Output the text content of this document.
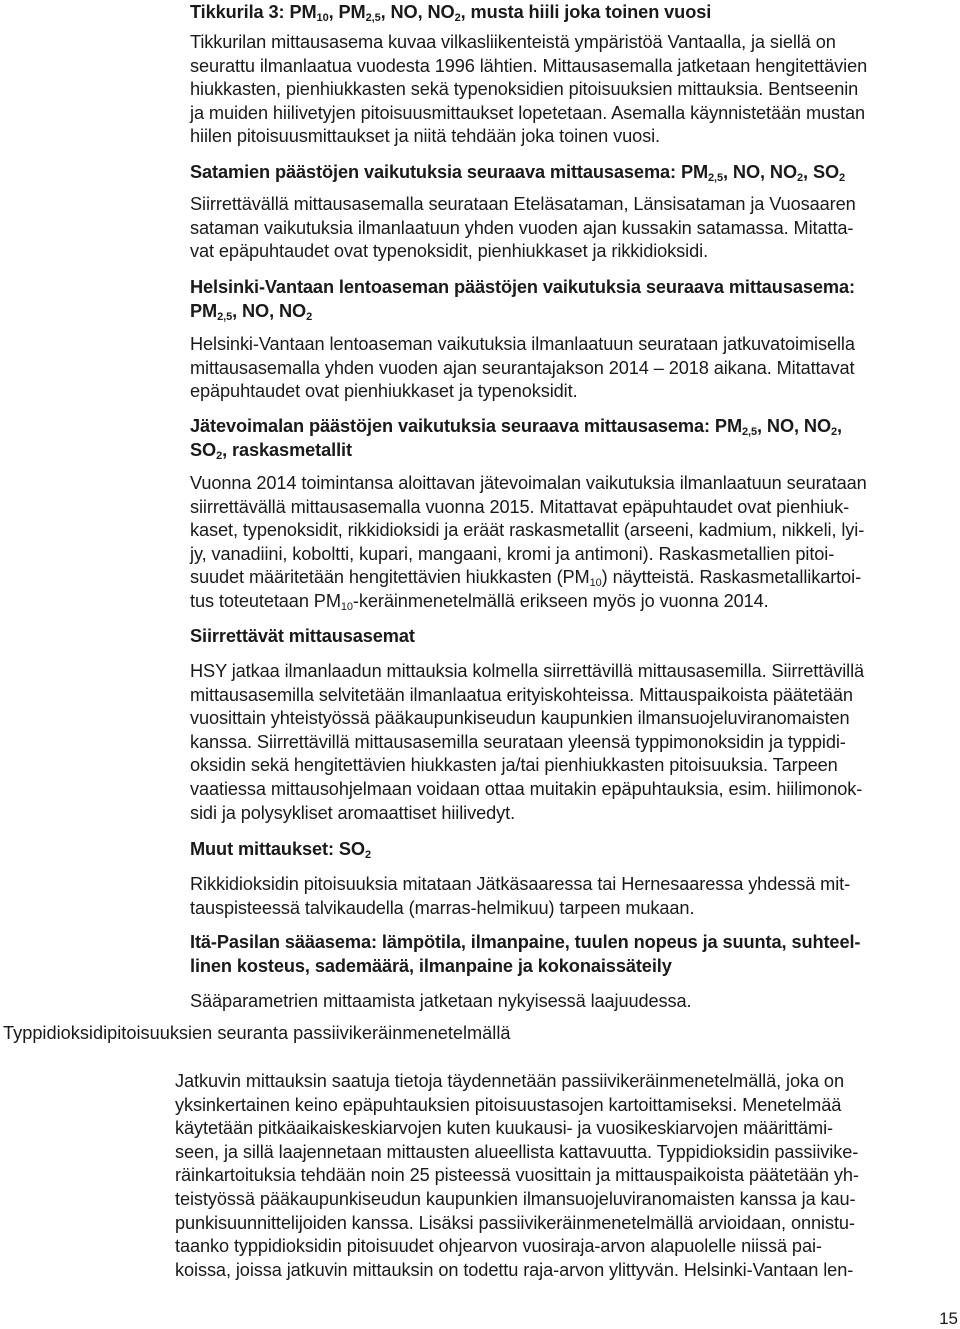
Tikkurila 3: $PM_{10}$, $PM_{2,5}$, NO, $NO_2$, musta hiili joka toinen vuosi
Tikkurilan mittausasema kuvaa vilkasliikenteistä ympäristöä Vantaalla, ja siellä on
seurattu ilmanlaatua vuodesta 1996 lähtien. Mittausasemalla jatketaan hengitettävien
hiukkasten, pienhiukkasten sekä typenoksidien pitoisuuksien mittauksia. Bentseenin
ja muiden hiilivetyjen pitoisuusmittaukset lopetetaan. Asemalla käynnistetään mustan
hiilen pitoisuusmittaukset ja niitä tehdään joka toinen vuosi.
Satamien päästöjen vaikutuksia seuraava mittausasema: $PM_{2,5}$, NO, $NO_2$, $SO_2$
Siirrettävällä mittausasemalla seurataan Eteläsataman, Länsisataman ja Vuosaaren
sataman vaikutuksia ilmanlaatuun yhden vuoden ajan kussakin satamassa. Mitatta-
vat epäpuhtaudet ovat typenoksidit, pienhiukkaset ja rikkidioksidi.
Helsinki-Vantaan lentoaseman päästöjen vaikutuksia seuraava mittausasema:
$PM_{2,5}$, NO, $NO_2$
Helsinki-Vantaan lentoaseman vaikutuksia ilmanlaatuun seurataan jatkuvatoimisella
mittausasemalla yhden vuoden ajan seurantajakson 2014 – 2018 aikana. Mitattavat
epäpuhtaudet ovat pienhiukkaset ja typenoksidit.
Jätevoimalan päästöjen vaikutuksia seuraava mittausasema: $PM_{2,5}$, NO, $NO_2$,
$SO_2$, raskasmetallit
Vuonna 2014 toimintansa aloittavan jätevoimalan vaikutuksia ilmanlaatuun seurataan
siirrettävällä mittausasemalla vuonna 2015. Mitattavat epäpuhtaudet ovat pienhiuk-
kaset, typenoksidit, rikkidioksidi ja eräät raskasmetallit (arseeni, kadmium, nikkeli, lyi-
jy, vanadiini, koboltti, kupari, mangaani, kromi ja antimoni). Raskasmetallien pitoi-
suudet määritetään hengitettävien hiukkasten $(PM_{10})$ näytteistä. Raskasmetallikartoi-
tus toteutetaan $PM_{10}$-keräinmenetelmällä erikseen myös jo vuonna 2014.
Siirrettävät mittausasemat
HSY jatkaa ilmanlaadun mittauksia kolmella siirrettävillä mittausasemilla. Siirrettävillä
mittausasemilla selvitetään ilmanlaatua erityiskohteissa. Mittauspaikoista päätetään
vuosittain yhteistyössä pääkaupunkiseudun kaupunkien ilmansuojeluviranomaisten
kanssa. Siirrettävillä mittausasemilla seurataan yleensä typpimonoksidin ja typpidi-
oksidin sekä hengitettävien hiukkasten ja/tai pienhiukkasten pitoisuuksia. Tarpeen
vaatiessa mittausohjelmaan voidaan ottaa muitakin epäpuhtauksia, esim. hiilimonok-
sidi ja polysykliset aromaattiset hiilivedyt.
Muut mittaukset: $SO_2$
Rikkidioksidin pitoisuuksia mitataan Jätkäsaaressa tai Hernesaaressa yhdessä mit-
tauspisteessä talvikaudella (marras-helmikuu) tarpeen mukaan.
Itä-Pasilan sääasema: lämpötila, ilmanpaine, tuulen nopeus ja suunta, suhteel-
linen kosteus, sademäärä, ilmanpaine ja kokonaissäteily
Sääparametrien mittaamista jatketaan nykyisessä laajuudessa.
Typpidioksidipitoisuuksien seuranta passiivikeräinmenetelmällä
Jatkuvin mittauksin saatuja tietoja täydennetään passiivikeräinmenetelmällä, joka on
yksinkertainen keino epäpuhtauksien pitoisuustasojen kartoittamiseksi. Menetelmää
käytetään pitkäaikaiskeskiarvojen kuten kuukausi- ja vuosikeskiarvojen määrittämi-
seen, ja sillä laajennetaan mittausten alueellista kattavuutta. Typpidioksidin passiivike-
räinkartoituksia tehdään noin 25 pisteessä vuosittain ja mittauspaikoista päätetään yh-
teistyössä pääkaupunkiseudun kaupunkien ilmansuojeluviranomaisten kanssa ja kau-
punkisuunnittelijoiden kanssa. Lisäksi passiivikeräinmenetelmällä arvioidaan, onnistu-
taanko typpidioksidin pitoisuudet ohjearvon vuosiraja-arvon alapuolelle niissä pai-
koissa, joissa jatkuvin mittauksin on todettu raja-arvon ylittyvän. Helsinki-Vantaan len-
15
